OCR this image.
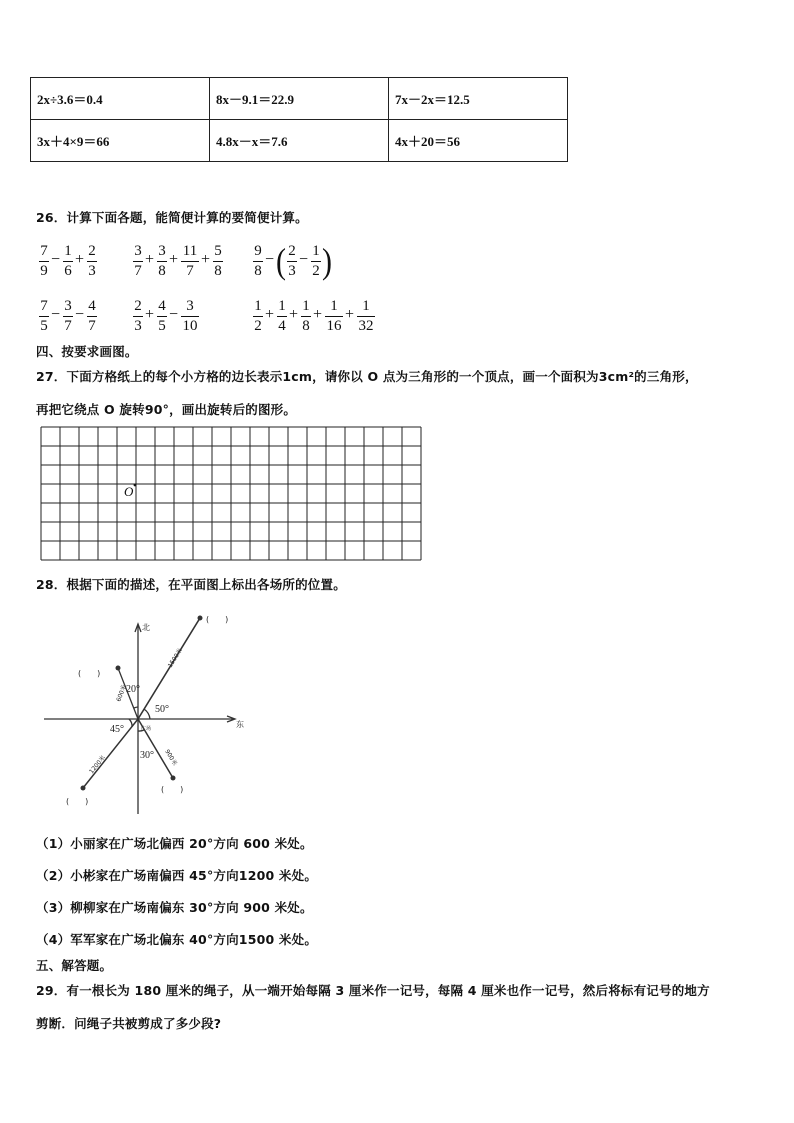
2x÷3.6＝0.4	8x－9.1＝22.9	7x－2x＝12.5
3x＋4×9＝66	4.8x－x＝7.6	4x＋20＝56
26．计算下面各题，能简便计算的要简便计算。
7
9
− 1
6
+ 2
3
3
7
+ 3
8
+ 11
7
+ 5
8
9
8
− ( 2
3
− 1
2 )
7
5
− 3
7
− 4
7
2
3
+ 4
5
− 3
10
1
2
+ 1
4
+ 1
8
+ 1
16
+ 1
32
四、按要求画图。
27．下面方格纸上的每个小方格的边长表示1cm，请你以 O 点为三角形的一个顶点，画一个面积为3cm²的三角形，
再把它绕点 O 旋转90°，画出旋转后的图形。
O
28．根据下面的描述，在平面图上标出各场所的位置。
北
东
广场
20°
50°
45°
30°
1500米
600米
1200米	900米
(　　)
(　　)
(　　)
(　　)
（1）小丽家在广场北偏西 20°方向 600 米处。
（2）小彬家在广场南偏西 45°方向1200 米处。
（3）柳柳家在广场南偏东 30°方向 900 米处。
（4）军军家在广场北偏东 40°方向1500 米处。
五、解答题。
29．有一根长为 180 厘米的绳子，从一端开始每隔 3 厘米作一记号，每隔 4 厘米也作一记号，然后将标有记号的地方
剪断．问绳子共被剪成了多少段?
